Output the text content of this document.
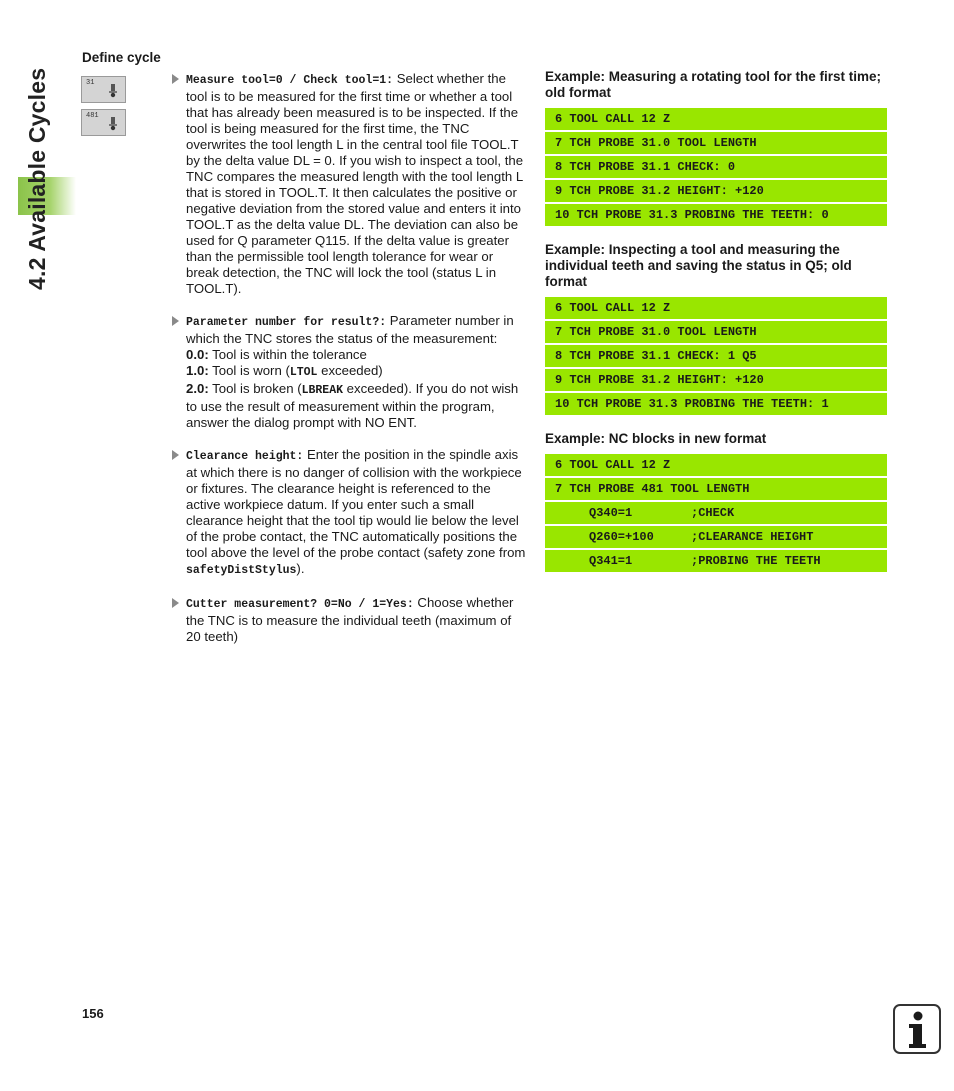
4.2 Available Cycles
Define cycle
31
481
Measure tool=0 / Check tool=1: Select whether the tool is to be measured for the first time or whether a tool that has already been measured is to be inspected. If the tool is being measured for the first time, the TNC overwrites the tool length L in the central tool file TOOL.T by the delta value DL = 0. If you wish to inspect a tool, the TNC compares the measured length with the tool length L that is stored in TOOL.T. It then calculates the positive or negative deviation from the stored value and enters it into TOOL.T as the delta value DL. The deviation can also be used for Q parameter Q115. If the delta value is greater than the permissible tool length tolerance for wear or break detection, the TNC will lock the tool (status L in TOOL.T).
Parameter number for result?: Parameter number in which the TNC stores the status of the measurement:
0.0: Tool is within the tolerance
1.0: Tool is worn (LTOL exceeded)
2.0: Tool is broken (LBREAK exceeded). If you do not wish to use the result of measurement within the program, answer the dialog prompt with NO ENT.
Clearance height: Enter the position in the spindle axis at which there is no danger of collision with the workpiece or fixtures. The clearance height is referenced to the active workpiece datum. If you enter such a small clearance height that the tool tip would lie below the level of the probe contact, the TNC automatically positions the tool above the level of the probe contact (safety zone from safetyDistStylus).
Cutter measurement? 0=No / 1=Yes: Choose whether the TNC is to measure the individual teeth (maximum of 20 teeth)
Example: Measuring a rotating tool for the first time; old format
6 TOOL CALL 12 Z
7 TCH PROBE 31.0 TOOL LENGTH
8 TCH PROBE 31.1 CHECK: 0
9 TCH PROBE 31.2 HEIGHT: +120
10 TCH PROBE 31.3 PROBING THE TEETH: 0
Example: Inspecting a tool and measuring the individual teeth and saving the status in Q5; old format
6 TOOL CALL 12 Z
7 TCH PROBE 31.0 TOOL LENGTH
8 TCH PROBE 31.1 CHECK: 1 Q5
9 TCH PROBE 31.2 HEIGHT: +120
10 TCH PROBE 31.3 PROBING THE TEETH: 1
Example: NC blocks in new format
6 TOOL CALL 12 Z
7 TCH PROBE 481 TOOL LENGTH
Q340=1	;CHECK
Q260=+100	;CLEARANCE HEIGHT
Q341=1	;PROBING THE TEETH
156
